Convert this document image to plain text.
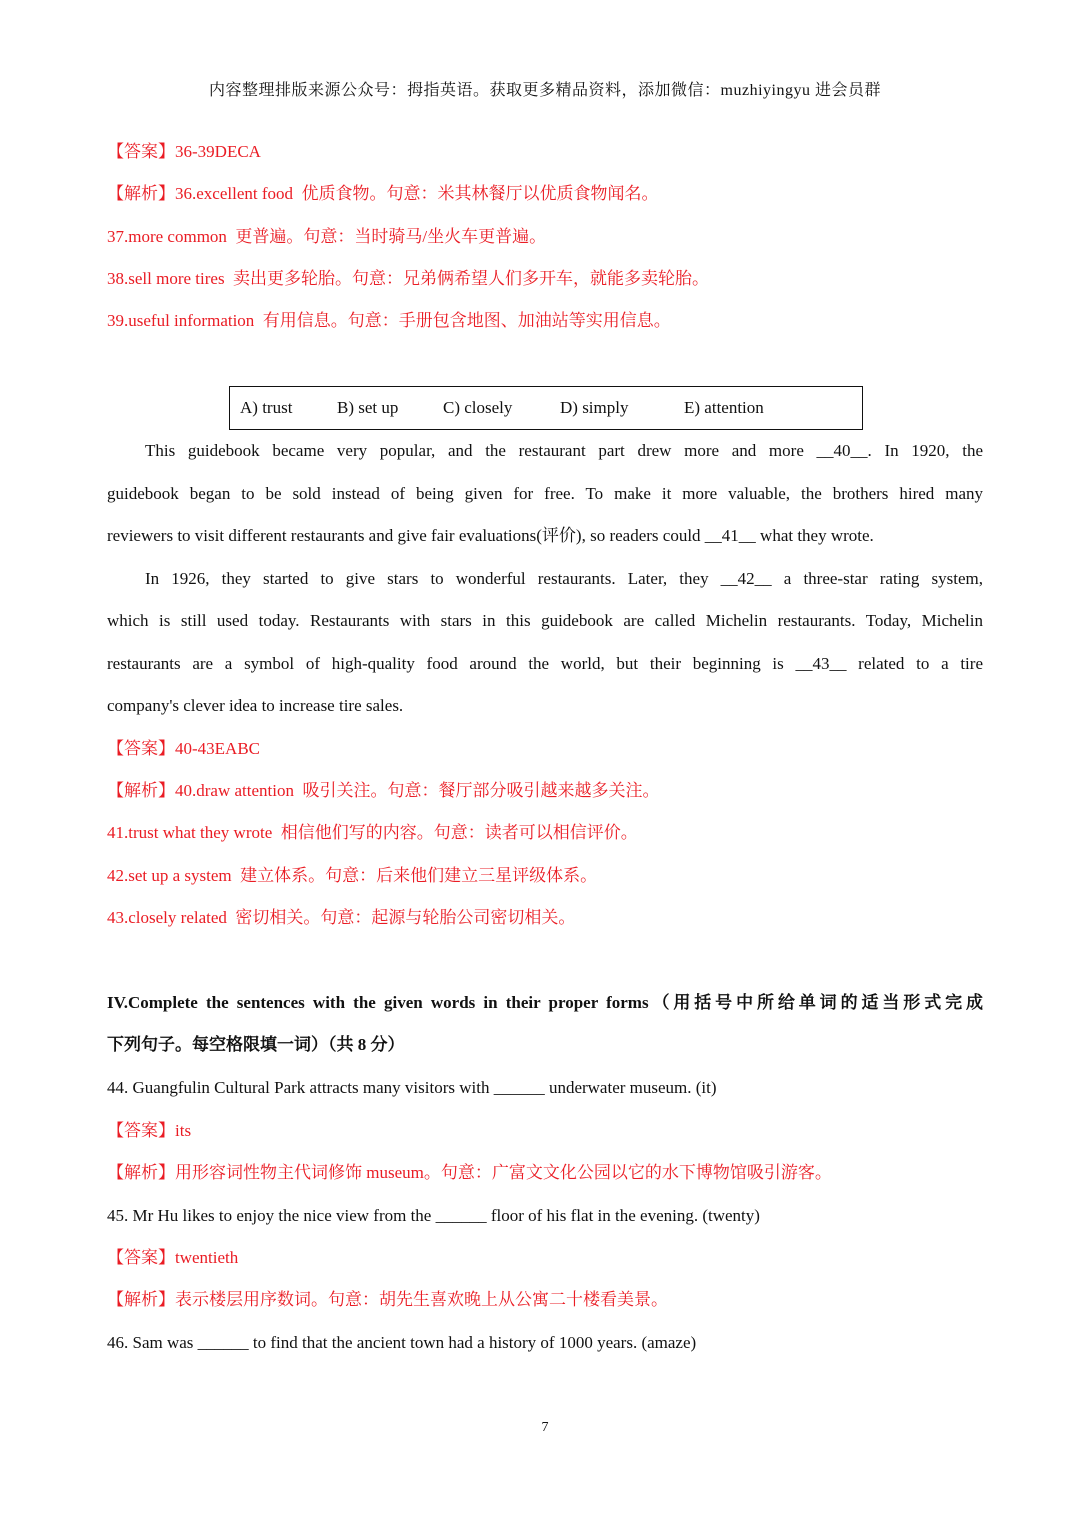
内容整理排版来源公众号：拇指英语。获取更多精品资料，添加微信：muzhiyingyu 进会员群
【答案】36-39DECA
【解析】36.excellent food  优质食物。句意：米其林餐厅以优质食物闻名。
37.more common  更普遍。句意：当时骑马/坐火车更普遍。
38.sell more tires  卖出更多轮胎。句意：兄弟俩希望人们多开车，就能多卖轮胎。
39.useful information  有用信息。句意：手册包含地图、加油站等实用信息。
A) trust	B) set up	C) closely	D) simply	E) attention
This guidebook became very popular, and the restaurant part drew more and more __40__. In 1920, the
guidebook began to be sold instead of being given for free. To make it more valuable, the brothers hired many
reviewers to visit different restaurants and give fair evaluations(评价), so readers could __41__ what they wrote.
In 1926, they started to give stars to wonderful restaurants. Later, they __42__ a three-star rating system,
which is still used today. Restaurants with stars in this guidebook are called Michelin restaurants. Today, Michelin
restaurants are a symbol of high-quality food around the world, but their beginning is __43__ related to a tire
company's clever idea to increase tire sales.
【答案】40-43EABC
【解析】40.draw attention  吸引关注。句意：餐厅部分吸引越来越多关注。
41.trust what they wrote  相信他们写的内容。句意：读者可以相信评价。
42.set up a system  建立体系。句意：后来他们建立三星评级体系。
43.closely related  密切相关。句意：起源与轮胎公司密切相关。
IV.Complete the sentences with the given words in their proper forms（用括号中所给单词的适当形式完成
下列句子。每空格限填一词）（共 8 分）
44. Guangfulin Cultural Park attracts many visitors with ______ underwater museum. (it)
【答案】its
【解析】用形容词性物主代词修饰 museum。句意：广富文文化公园以它的水下博物馆吸引游客。
45. Mr Hu likes to enjoy the nice view from the ______ floor of his flat in the evening. (twenty)
【答案】twentieth
【解析】表示楼层用序数词。句意：胡先生喜欢晚上从公寓二十楼看美景。
46. Sam was ______ to find that the ancient town had a history of 1000 years. (amaze)
7
